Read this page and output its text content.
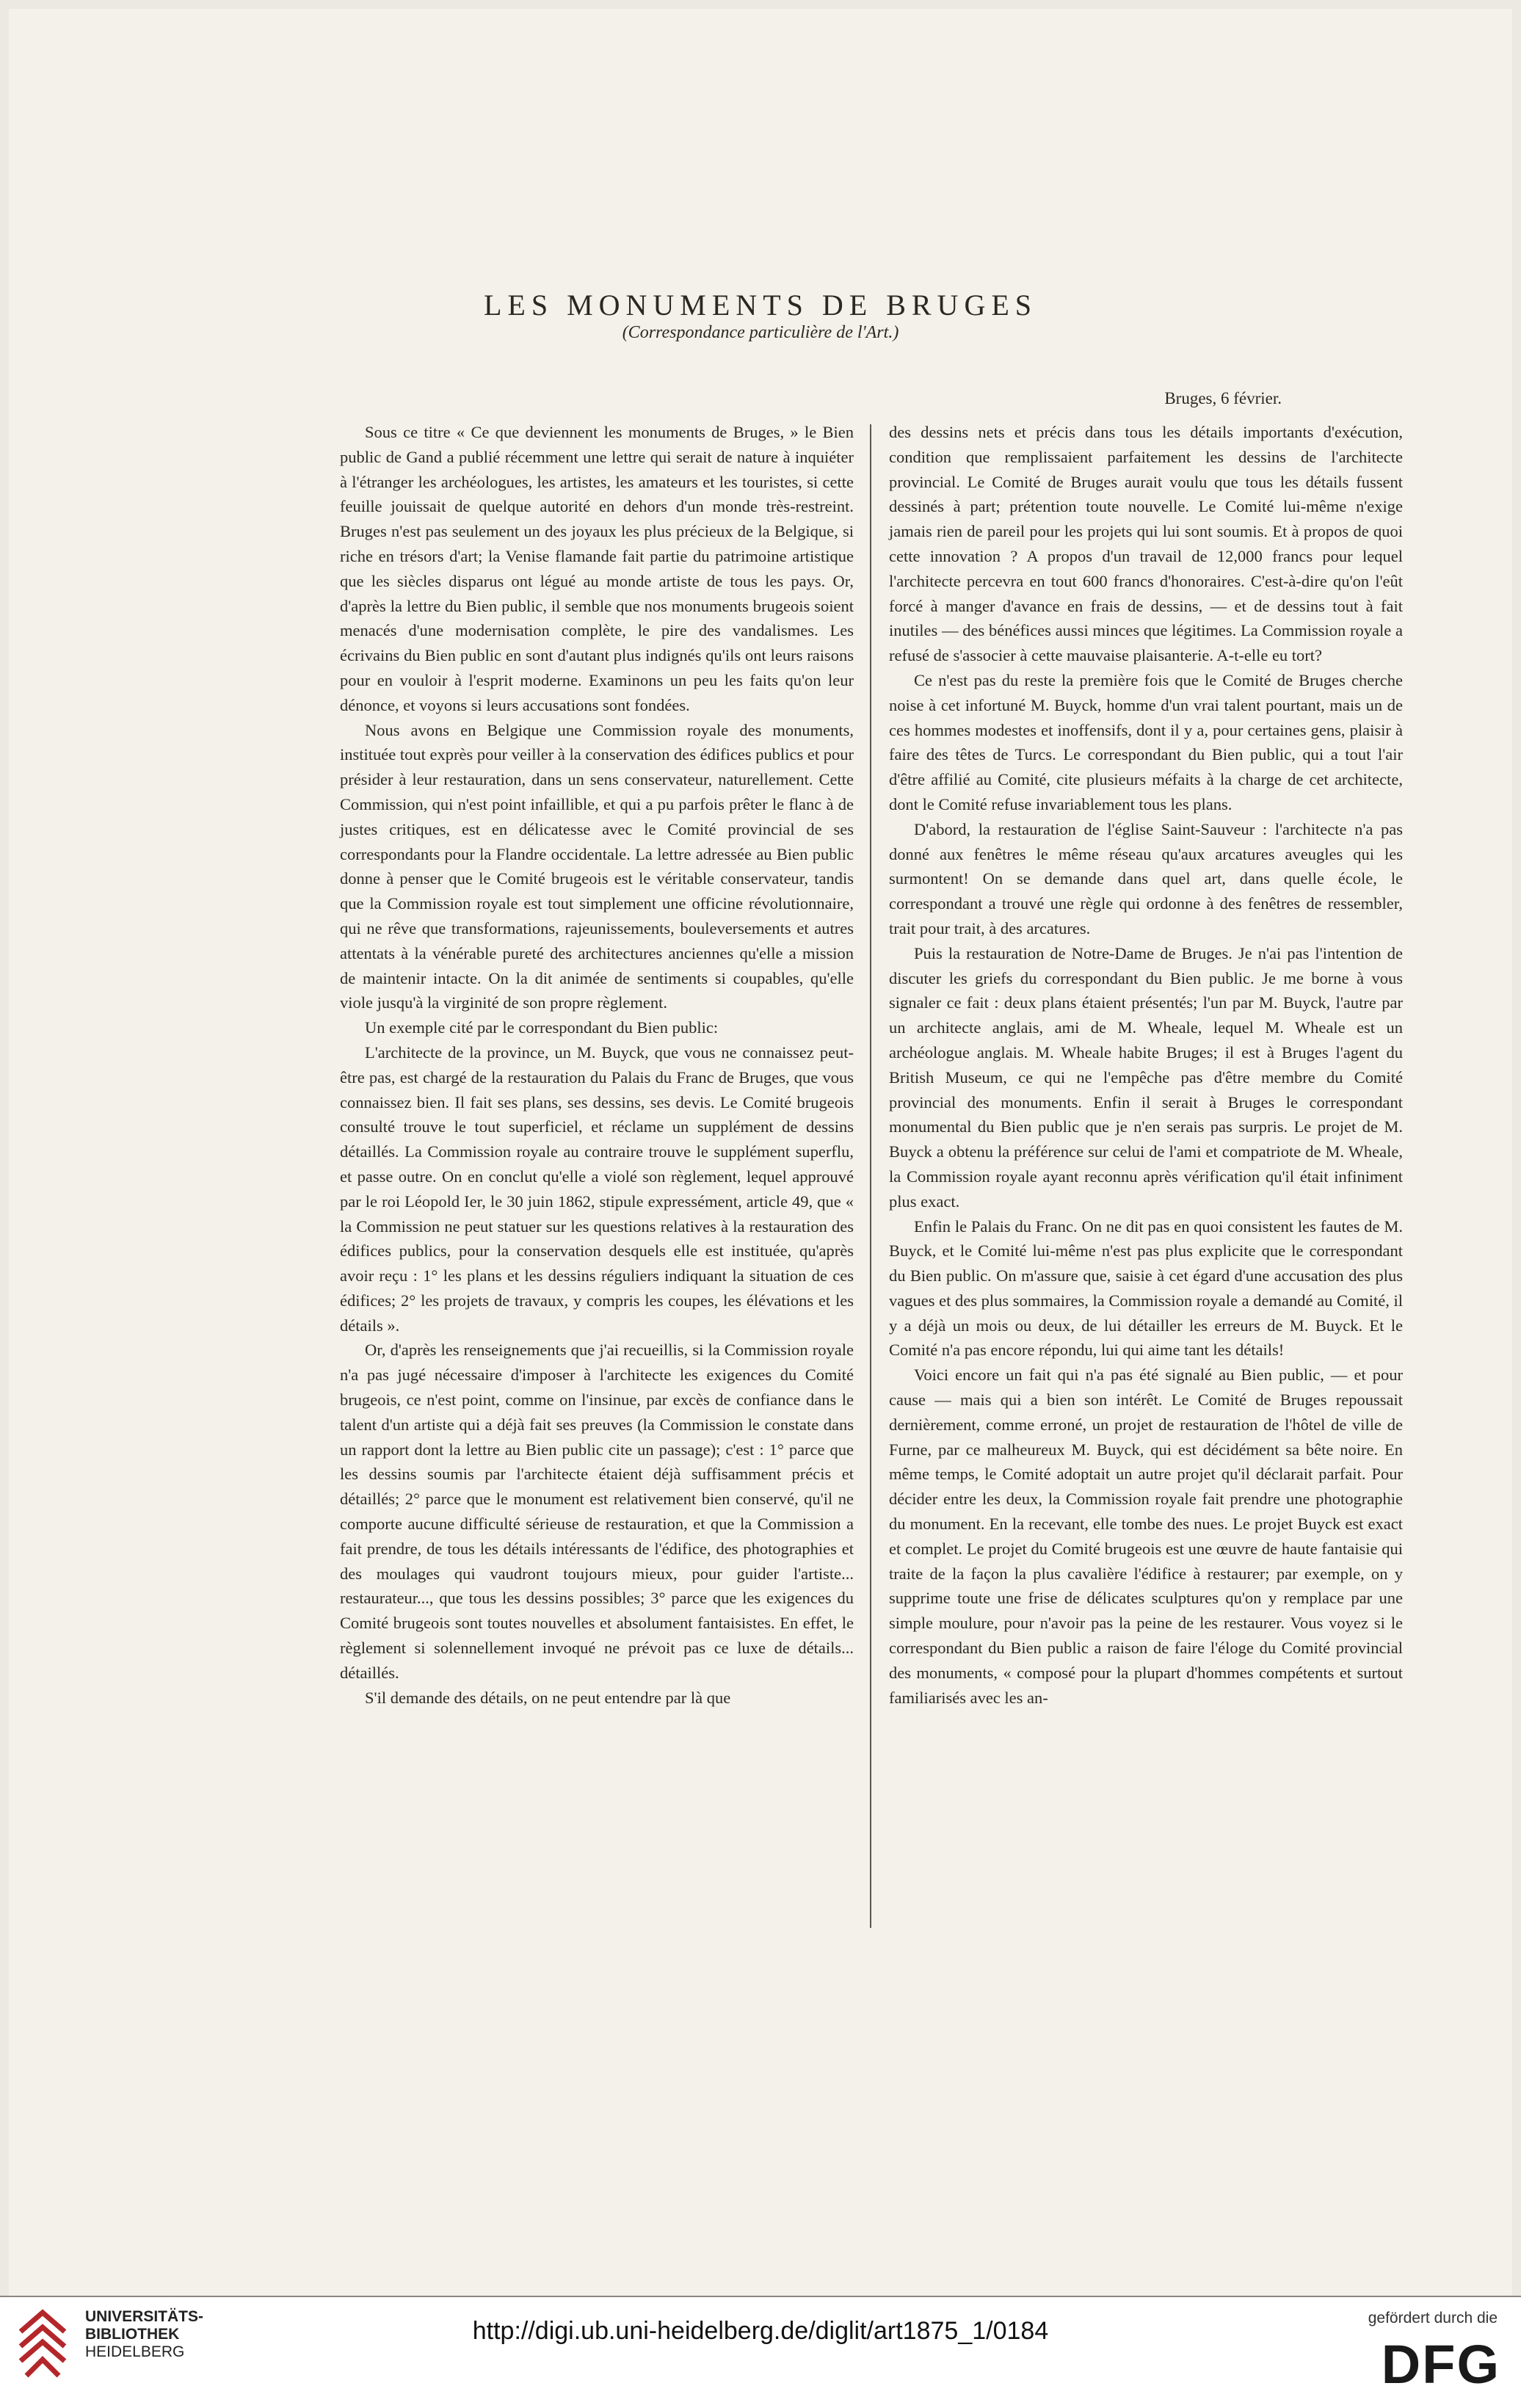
LES MONUMENTS DE BRUGES
(Correspondance particulière de l'Art.)
Bruges, 6 février.

Sous ce titre « Ce que deviennent les monuments de Bruges, » le Bien public de Gand a publié récemment une lettre qui serait de nature à inquiéter à l'étranger les archéologues, les artistes, les amateurs et les touristes, si cette feuille jouissait de quelque autorité en dehors d'un monde très-restreint. Bruges n'est pas seulement un des joyaux les plus précieux de la Belgique, si riche en trésors d'art; la Venise flamande fait partie du patrimoine artistique que les siècles disparus ont légué au monde artiste de tous les pays. Or, d'après la lettre du Bien public, il semble que nos monuments brugeois soient menacés d'une modernisation complète, le pire des vandalismes. Les écrivains du Bien public en sont d'autant plus indignés qu'ils ont leurs raisons pour en vouloir à l'esprit moderne. Examinons un peu les faits qu'on leur dénonce, et voyons si leurs accusations sont fondées.

Nous avons en Belgique une Commission royale des monuments, instituée tout exprès pour veiller à la conservation des édifices publics et pour présider à leur restauration, dans un sens conservateur, naturellement. Cette Commission, qui n'est point infaillible, et qui a pu parfois prêter le flanc à de justes critiques, est en délicatesse avec le Comité provincial de ses correspondants pour la Flandre occidentale. La lettre adressée au Bien public donne à penser que le Comité brugeois est le véritable conservateur, tandis que la Commission royale est tout simplement une officine révolutionnaire, qui ne rêve que transformations, rajeunissements, bouleversements et autres attentats à la vénérable pureté des architectures anciennes qu'elle a mission de maintenir intacte. On la dit animée de sentiments si coupables, qu'elle viole jusqu'à la virginité de son propre règlement.

Un exemple cité par le correspondant du Bien public:

L'architecte de la province, un M. Buyck, que vous ne connaissez peut-être pas, est chargé de la restauration du Palais du Franc de Bruges, que vous connaissez bien. Il fait ses plans, ses dessins, ses devis. Le Comité brugeois consulté trouve le tout superficiel, et réclame un supplément de dessins détaillés. La Commission royale au contraire trouve le supplément superflu, et passe outre. On en conclut qu'elle a violé son règlement, lequel approuvé par le roi Léopold Ier, le 30 juin 1862, stipule expressément, article 49, que « la Commission ne peut statuer sur les questions relatives à la restauration des édifices publics, pour la conservation desquels elle est instituée, qu'après avoir reçu : 1° les plans et les dessins réguliers indiquant la situation de ces édifices; 2° les projets de travaux, y compris les coupes, les élévations et les détails ».

Or, d'après les renseignements que j'ai recueillis, si la Commission royale n'a pas jugé nécessaire d'imposer à l'architecte les exigences du Comité brugeois, ce n'est point, comme on l'insinue, par excès de confiance dans le talent d'un artiste qui a déjà fait ses preuves (la Commission le constate dans un rapport dont la lettre au Bien public cite un passage); c'est : 1° parce que les dessins soumis par l'architecte étaient déjà suffisamment précis et détaillés; 2° parce que le monument est relativement bien conservé, qu'il ne comporte aucune difficulté sérieuse de restauration, et que la Commission a fait prendre, de tous les détails intéressants de l'édifice, des photographies et des moulages qui vaudront toujours mieux, pour guider l'artiste... restaurateur..., que tous les dessins possibles; 3° parce que les exigences du Comité brugeois sont toutes nouvelles et absolument fantaisistes. En effet, le règlement si solennellement invoqué ne prévoit pas ce luxe de détails... détaillés.

S'il demande des détails, on ne peut entendre par là que

des dessins nets et précis dans tous les détails importants d'exécution, condition que remplissaient parfaitement les dessins de l'architecte provincial. Le Comité de Bruges aurait voulu que tous les détails fussent dessinés à part; prétention toute nouvelle. Le Comité lui-même n'exige jamais rien de pareil pour les projets qui lui sont soumis. Et à propos de quoi cette innovation ? A propos d'un travail de 12,000 francs pour lequel l'architecte percevra en tout 600 francs d'honoraires. C'est-à-dire qu'on l'eût forcé à manger d'avance en frais de dessins, — et de dessins tout à fait inutiles — des bénéfices aussi minces que légitimes. La Commission royale a refusé de s'associer à cette mauvaise plaisanterie. A-t-elle eu tort?

Ce n'est pas du reste la première fois que le Comité de Bruges cherche noise à cet infortuné M. Buyck, homme d'un vrai talent pourtant, mais un de ces hommes modestes et inoffensifs, dont il y a, pour certaines gens, plaisir à faire des têtes de Turcs. Le correspondant du Bien public, qui a tout l'air d'être affilié au Comité, cite plusieurs méfaits à la charge de cet architecte, dont le Comité refuse invariablement tous les plans.

D'abord, la restauration de l'église Saint-Sauveur : l'architecte n'a pas donné aux fenêtres le même réseau qu'aux arcatures aveugles qui les surmontent! On se demande dans quel art, dans quelle école, le correspondant a trouvé une règle qui ordonne à des fenêtres de ressembler, trait pour trait, à des arcatures.

Puis la restauration de Notre-Dame de Bruges. Je n'ai pas l'intention de discuter les griefs du correspondant du Bien public. Je me borne à vous signaler ce fait : deux plans étaient présentés; l'un par M. Buyck, l'autre par un architecte anglais, ami de M. Wheale, lequel M. Wheale est un archéologue anglais. M. Wheale habite Bruges; il est à Bruges l'agent du British Museum, ce qui ne l'empêche pas d'être membre du Comité provincial des monuments. Enfin il serait à Bruges le correspondant monumental du Bien public que je n'en serais pas surpris. Le projet de M. Buyck a obtenu la préférence sur celui de l'ami et compatriote de M. Wheale, la Commission royale ayant reconnu après vérification qu'il était infiniment plus exact.

Enfin le Palais du Franc. On ne dit pas en quoi consistent les fautes de M. Buyck, et le Comité lui-même n'est pas plus explicite que le correspondant du Bien public. On m'assure que, saisie à cet égard d'une accusation des plus vagues et des plus sommaires, la Commission royale a demandé au Comité, il y a déjà un mois ou deux, de lui détailler les erreurs de M. Buyck. Et le Comité n'a pas encore répondu, lui qui aime tant les détails!

Voici encore un fait qui n'a pas été signalé au Bien public, — et pour cause — mais qui a bien son intérêt. Le Comité de Bruges repoussait dernièrement, comme erroné, un projet de restauration de l'hôtel de ville de Furne, par ce malheureux M. Buyck, qui est décidément sa bête noire. En même temps, le Comité adoptait un autre projet qu'il déclarait parfait. Pour décider entre les deux, la Commission royale fait prendre une photographie du monument. En la recevant, elle tombe des nues. Le projet Buyck est exact et complet. Le projet du Comité brugeois est une œuvre de haute fantaisie qui traite de la façon la plus cavalière l'édifice à restaurer; par exemple, on y supprime toute une frise de délicates sculptures qu'on y remplace par une simple moulure, pour n'avoir pas la peine de les restaurer. Vous voyez si le correspondant du Bien public a raison de faire l'éloge du Comité provincial des monuments, « composé pour la plupart d'hommes compétents et surtout familiarisés avec les an-

UNIVERSITÄTS-
BIBLIOTHEK
HEIDELBERG
http://digi.ub.uni-heidelberg.de/diglit/art1875_1/0184	gefördert durch die
DFG
